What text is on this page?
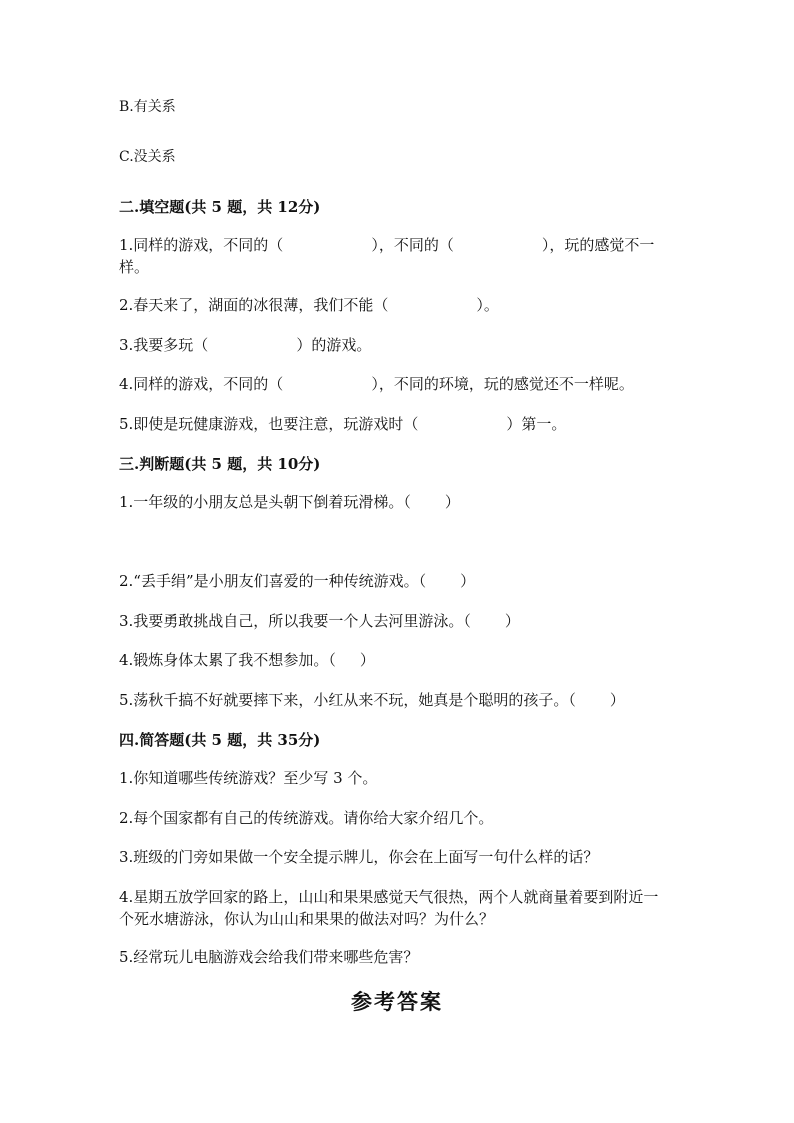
B.有关系
C.没关系
二.填空题(共 5 题，共 12分)
1.同样的游戏，不同的（	），不同的（	），玩的感觉不一样。
2.春天来了，湖面的冰很薄，我们不能（	）。
3.我要多玩（	）的游戏。
4.同样的游戏，不同的（	），不同的环境，玩的感觉还不一样呢。
5.即使是玩健康游戏，也要注意，玩游戏时（	）第一。
三.判断题(共 5 题，共 10分)
1.一年级的小朋友总是头朝下倒着玩滑梯。（ ）
2.“丢手绢”是小朋友们喜爱的一种传统游戏。（ ）
3.我要勇敢挑战自己，所以我要一个人去河里游泳。（ ）
4.锻炼身体太累了我不想参加。（ ）
5.荡秋千搞不好就要摔下来，小红从来不玩，她真是个聪明的孩子。（ ）
四.简答题(共 5 题，共 35分)
1.你知道哪些传统游戏？至少写 3 个。
2.每个国家都有自己的传统游戏。请你给大家介绍几个。
3.班级的门旁如果做一个安全提示牌儿，你会在上面写一句什么样的话？
4.星期五放学回家的路上，山山和果果感觉天气很热，两个人就商量着要到附近一个死水塘游泳，你认为山山和果果的做法对吗？为什么？
5.经常玩儿电脑游戏会给我们带来哪些危害？
参考答案
